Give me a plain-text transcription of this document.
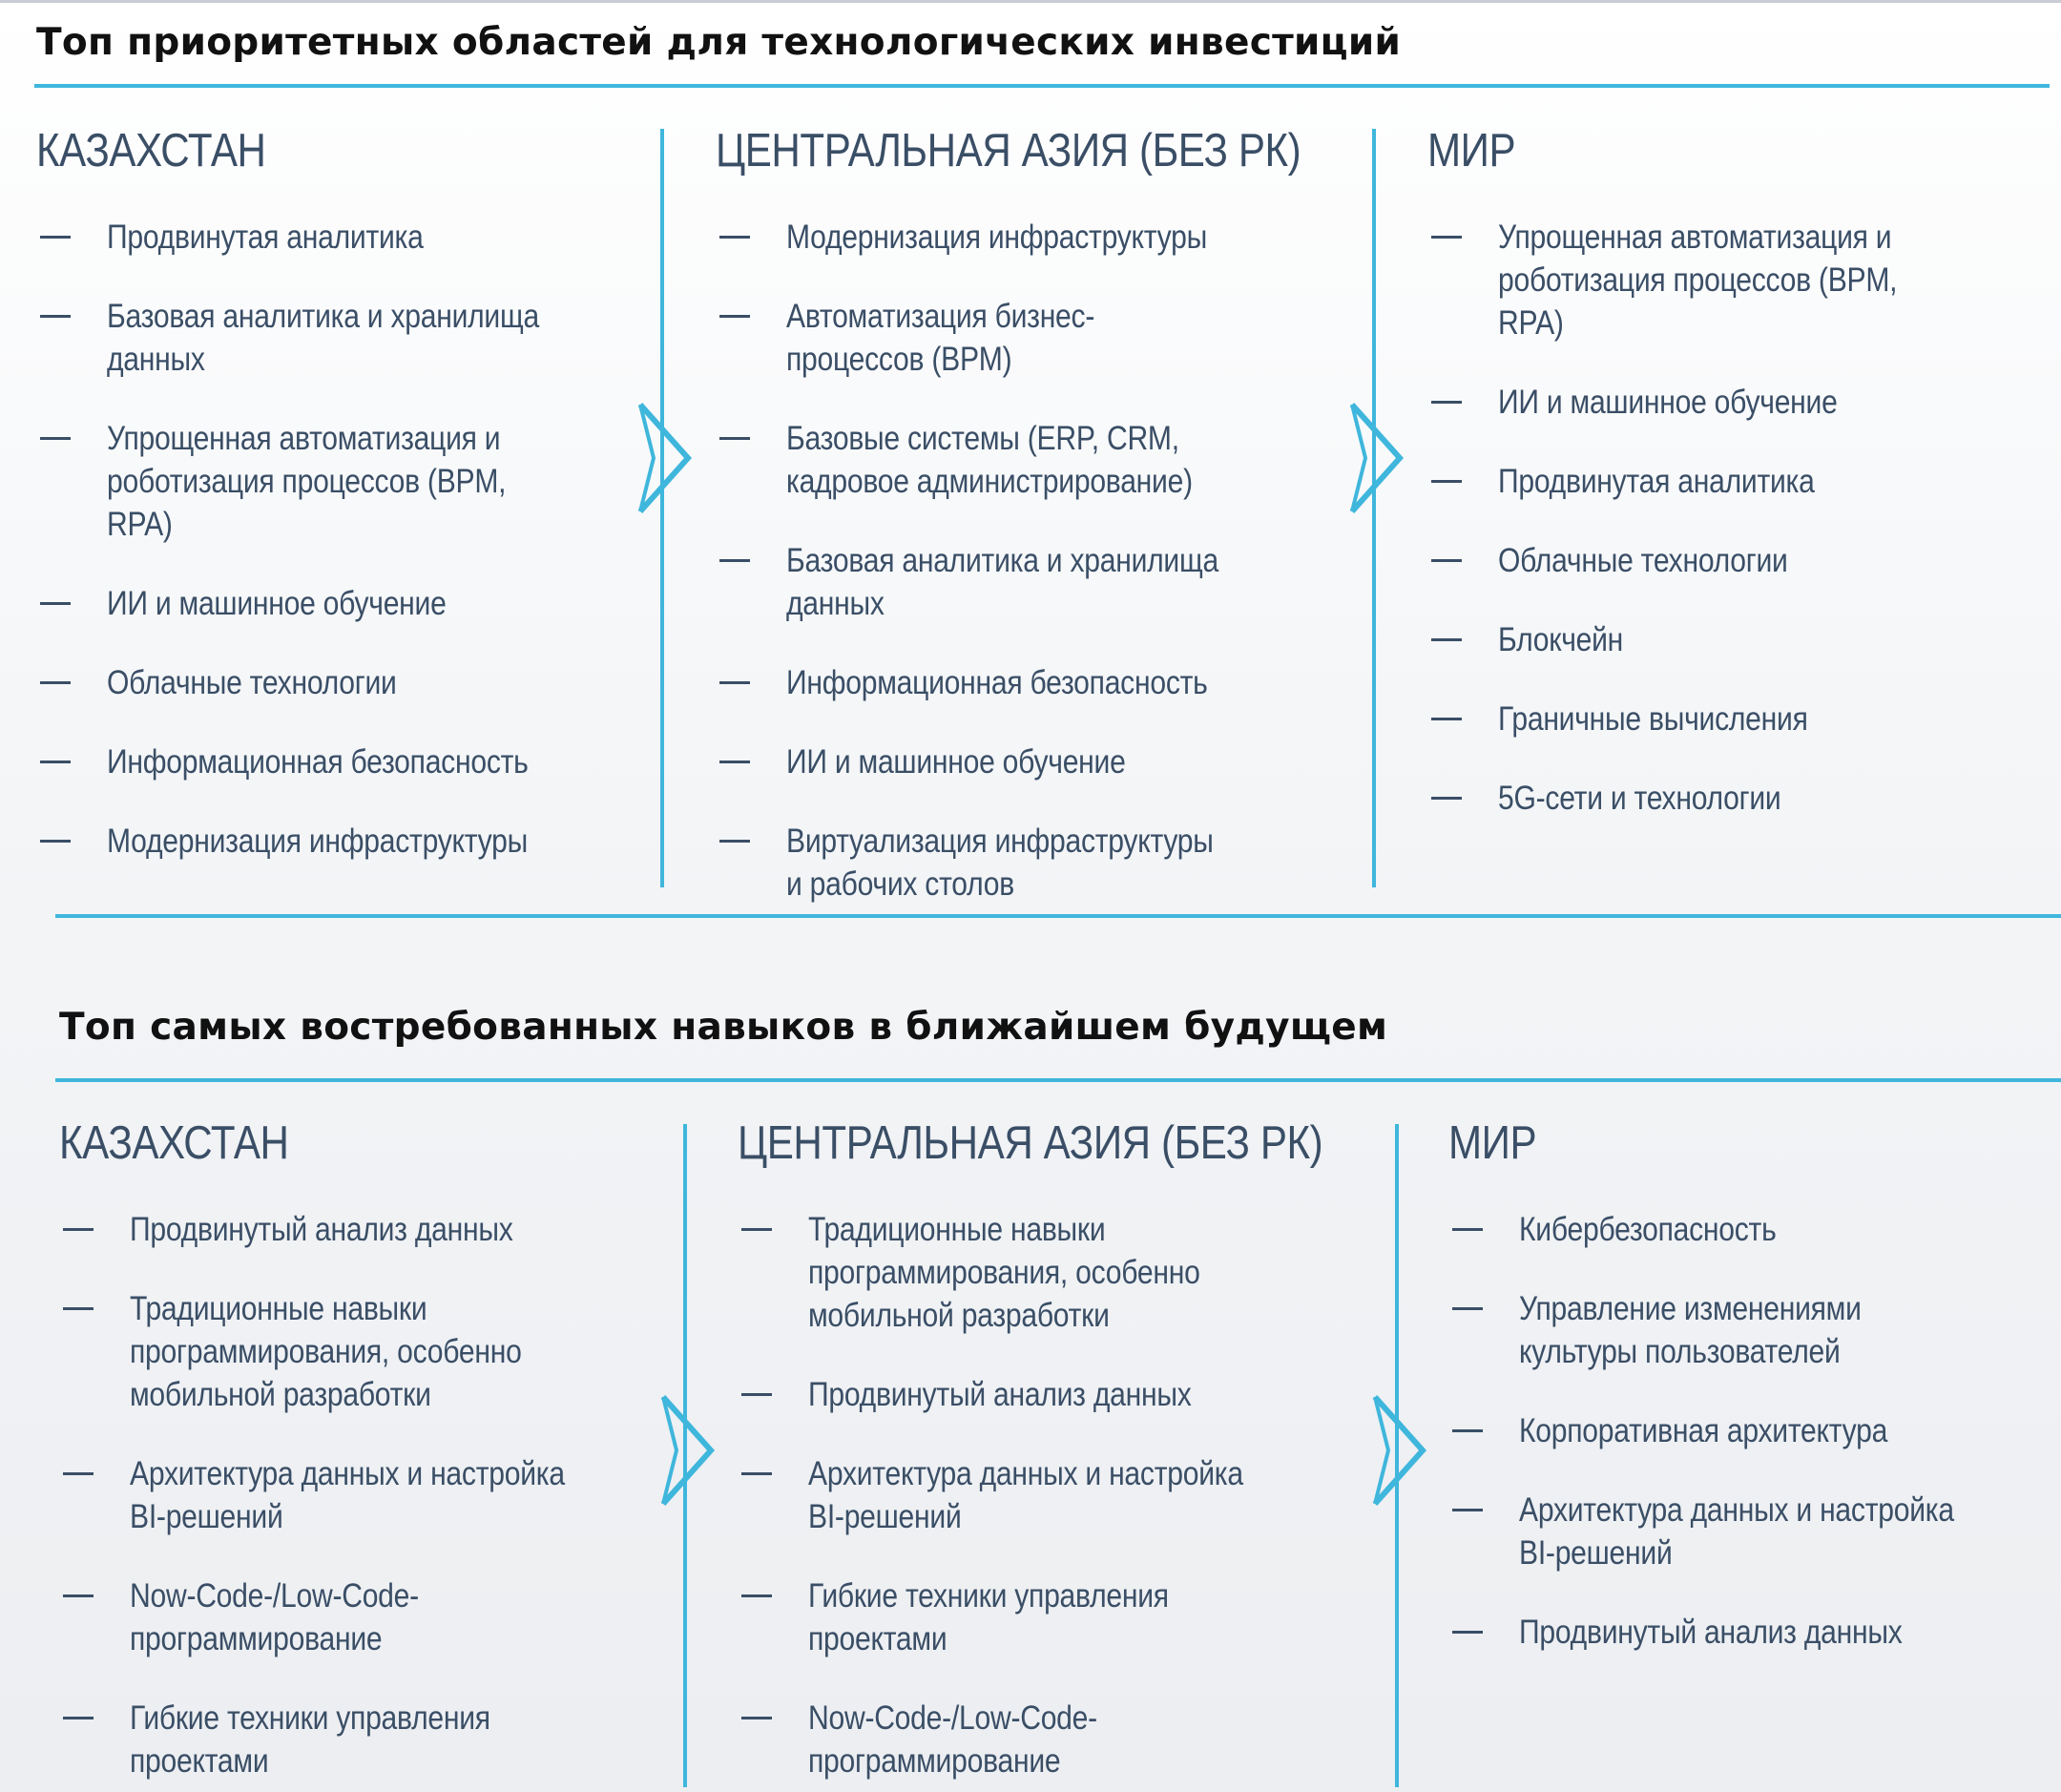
Топ приоритетных областей для технологических инвестиций
КАЗАХСТАН
Продвинутая аналитика
Базовая аналитика и хранилища
данных
Упрощенная автоматизация и
роботизация процессов (BPM,
RPA)
ИИ и машинное обучение
Облачные технологии
Информационная безопасность
Модернизация инфраструктуры
ЦЕНТРАЛЬНАЯ АЗИЯ (БЕЗ РК)
Модернизация инфраструктуры
Автоматизация бизнес-
процессов (BPM)
Базовые системы (ERP, CRM,
кадровое администрирование)
Базовая аналитика и хранилища
данных
Информационная безопасность
ИИ и машинное обучение
Виртуализация инфраструктуры
и рабочих столов
МИР
Упрощенная автоматизация и
роботизация процессов (BPM,
RPA)
ИИ и машинное обучение
Продвинутая аналитика
Облачные технологии
Блокчейн
Граничные вычисления
5G-сети и технологии
Топ самых востребованных навыков в ближайшем будущем
КАЗАХСТАН
Продвинутый анализ данных
Традиционные навыки
программирования, особенно
мобильной разработки
Архитектура данных и настройка
BI-решений
Now-Code-/Low-Code-
программирование
Гибкие техники управления
проектами
ЦЕНТРАЛЬНАЯ АЗИЯ (БЕЗ РК)
Традиционные навыки
программирования, особенно
мобильной разработки
Продвинутый анализ данных
Архитектура данных и настройка
BI-решений
Гибкие техники управления
проектами
Now-Code-/Low-Code-
программирование
МИР
Кибербезопасность
Управление изменениями
культуры пользователей
Корпоративная архитектура
Архитектура данных и настройка
BI-решений
Продвинутый анализ данных
